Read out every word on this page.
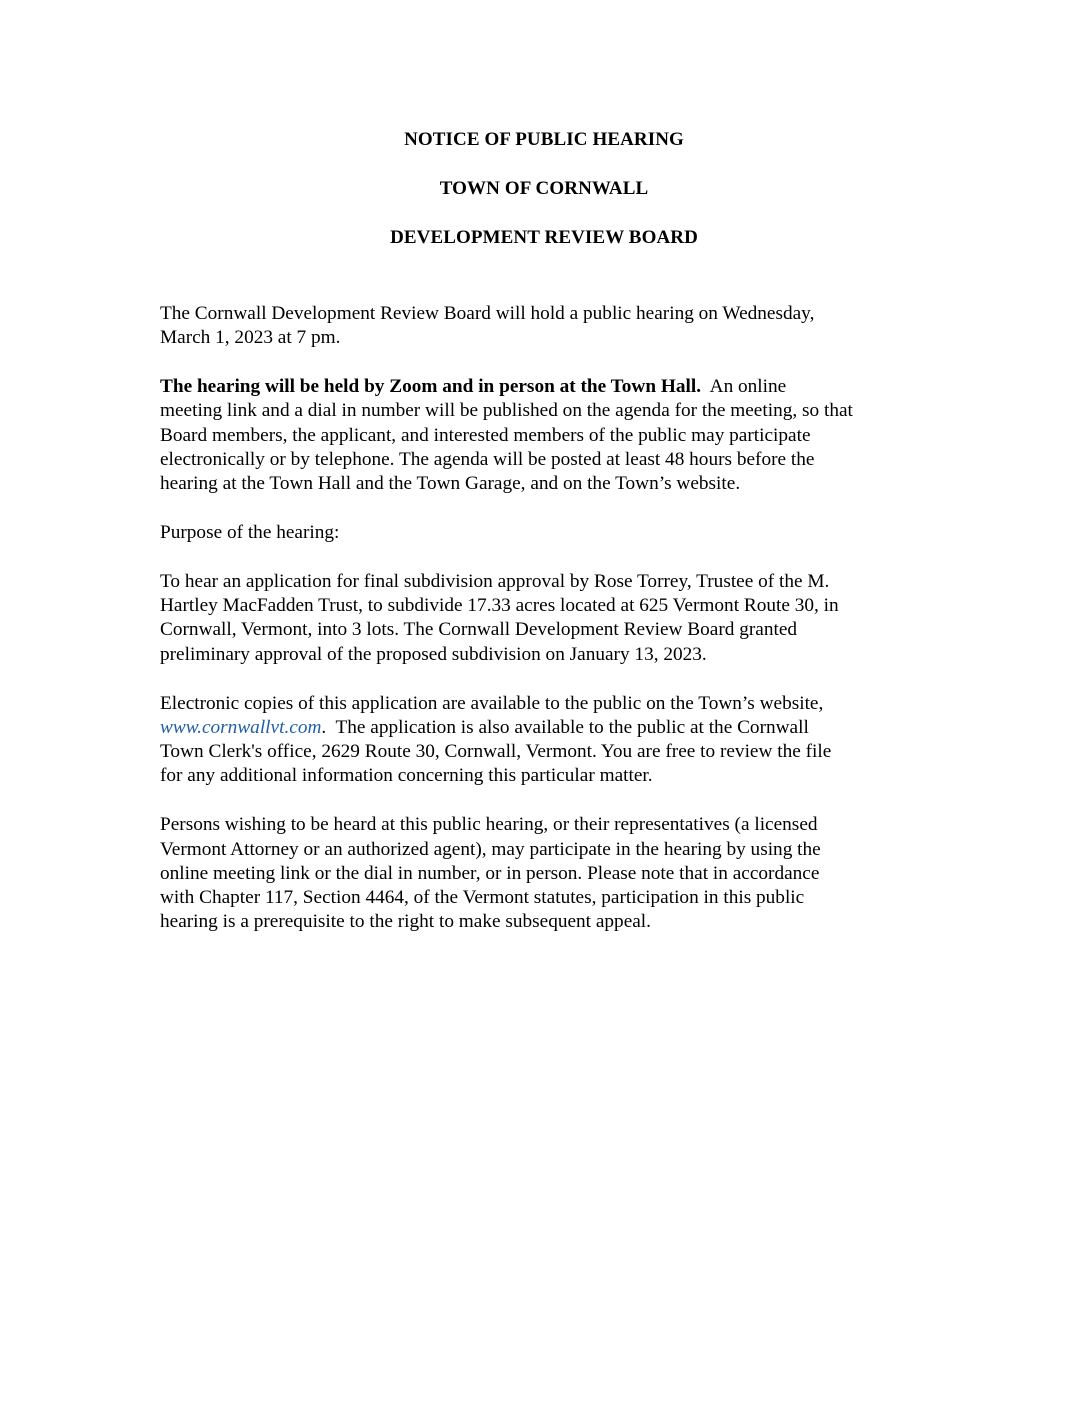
NOTICE OF PUBLIC HEARING
TOWN OF CORNWALL
DEVELOPMENT REVIEW BOARD
The Cornwall Development Review Board will hold a public hearing on Wednesday,
March 1, 2023 at 7 pm.
The hearing will be held by Zoom and in person at the Town Hall.  An online
meeting link and a dial in number will be published on the agenda for the meeting, so that
Board members, the applicant, and interested members of the public may participate
electronically or by telephone. The agenda will be posted at least 48 hours before the
hearing at the Town Hall and the Town Garage, and on the Town’s website.
Purpose of the hearing:
To hear an application for final subdivision approval by Rose Torrey, Trustee of the M.
Hartley MacFadden Trust, to subdivide 17.33 acres located at 625 Vermont Route 30, in
Cornwall, Vermont, into 3 lots. The Cornwall Development Review Board granted
preliminary approval of the proposed subdivision on January 13, 2023.
Electronic copies of this application are available to the public on the Town’s website,
www.cornwallvt.com.  The application is also available to the public at the Cornwall
Town Clerk's office, 2629 Route 30, Cornwall, Vermont. You are free to review the file
for any additional information concerning this particular matter.
Persons wishing to be heard at this public hearing, or their representatives (a licensed
Vermont Attorney or an authorized agent), may participate in the hearing by using the
online meeting link or the dial in number, or in person. Please note that in accordance
with Chapter 117, Section 4464, of the Vermont statutes, participation in this public
hearing is a prerequisite to the right to make subsequent appeal.
